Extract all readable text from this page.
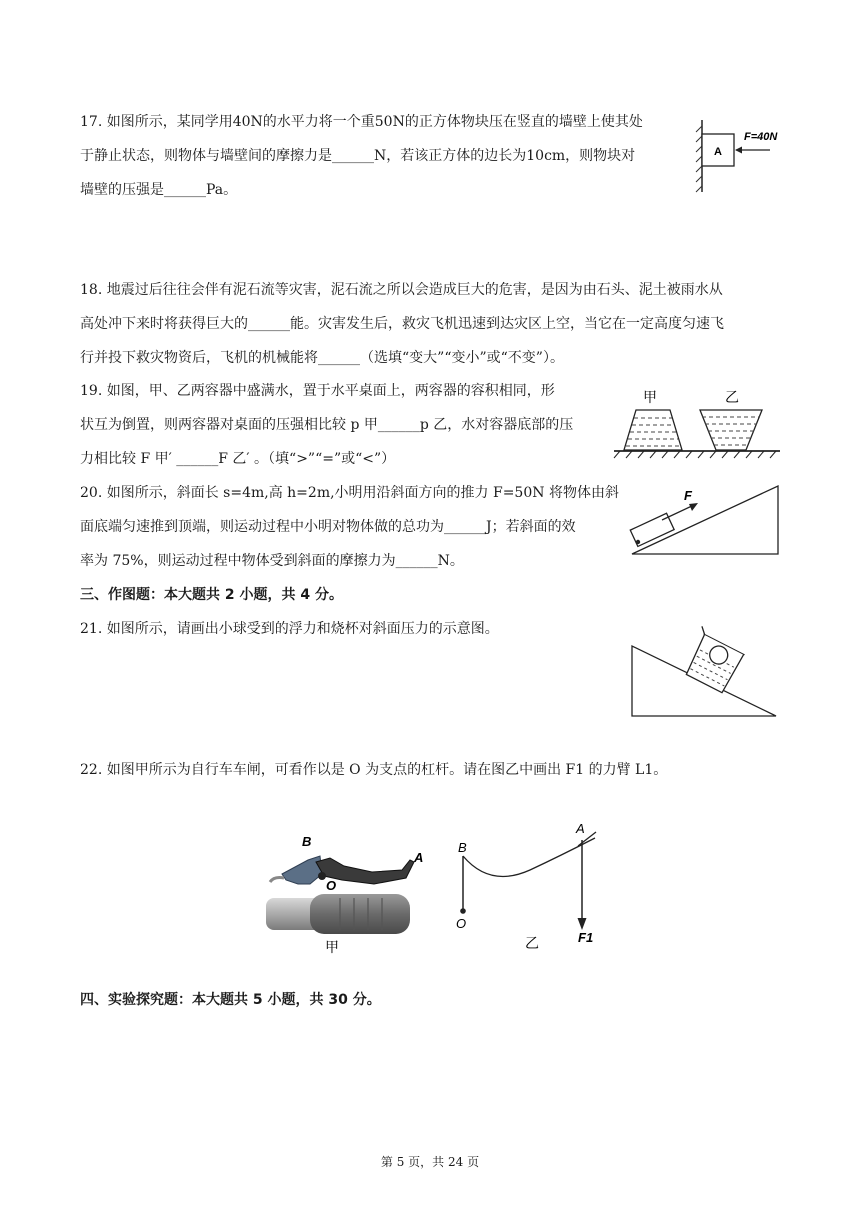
17. 如图所示，某同学用40N的水平力将一个重50N的正方体物块压在竖直的墙壁上使其处
于静止状态，则物体与墙壁间的摩擦力是______N，若该正方体的边长为10cm，则物块对
墙壁的压强是______Pa。
A
F=40N
18. 地震过后往往会伴有泥石流等灾害，泥石流之所以会造成巨大的危害，是因为由石头、泥土被雨水从
高处冲下来时将获得巨大的______能。灾害发生后，救灾飞机迅速到达灾区上空，当它在一定高度匀速飞
行并投下救灾物资后，飞机的机械能将______（选填“变大”“变小”或“不变”）。
19. 如图，甲、乙两容器中盛满水，置于水平桌面上，两容器的容积相同，形
状互为倒置，则两容器对桌面的压强相比较 p 甲______p 乙，水对容器底部的压
力相比较 F 甲′ ______F 乙′ 。（填“>”“=”或“<”）
甲	乙
20. 如图所示，斜面长 s=4m,高 h=2m,小明用沿斜面方向的推力 F=50N 将物体由斜
面底端匀速推到顶端，则运动过程中小明对物体做的总功为______J；若斜面的效
率为 75%，则运动过程中物体受到斜面的摩擦力为______N。
F
三、作图题：本大题共 2 小题，共 4 分。
21. 如图所示，请画出小球受到的浮力和烧杯对斜面压力的示意图。
22. 如图甲所示为自行车车闸，可看作以是 O 为支点的杠杆。请在图乙中画出 F1 的力臂 L1。
B
O
A
甲
A
B
O
F1
乙
四、实验探究题：本大题共 5 小题，共 30 分。
第 5 页，共 24 页
